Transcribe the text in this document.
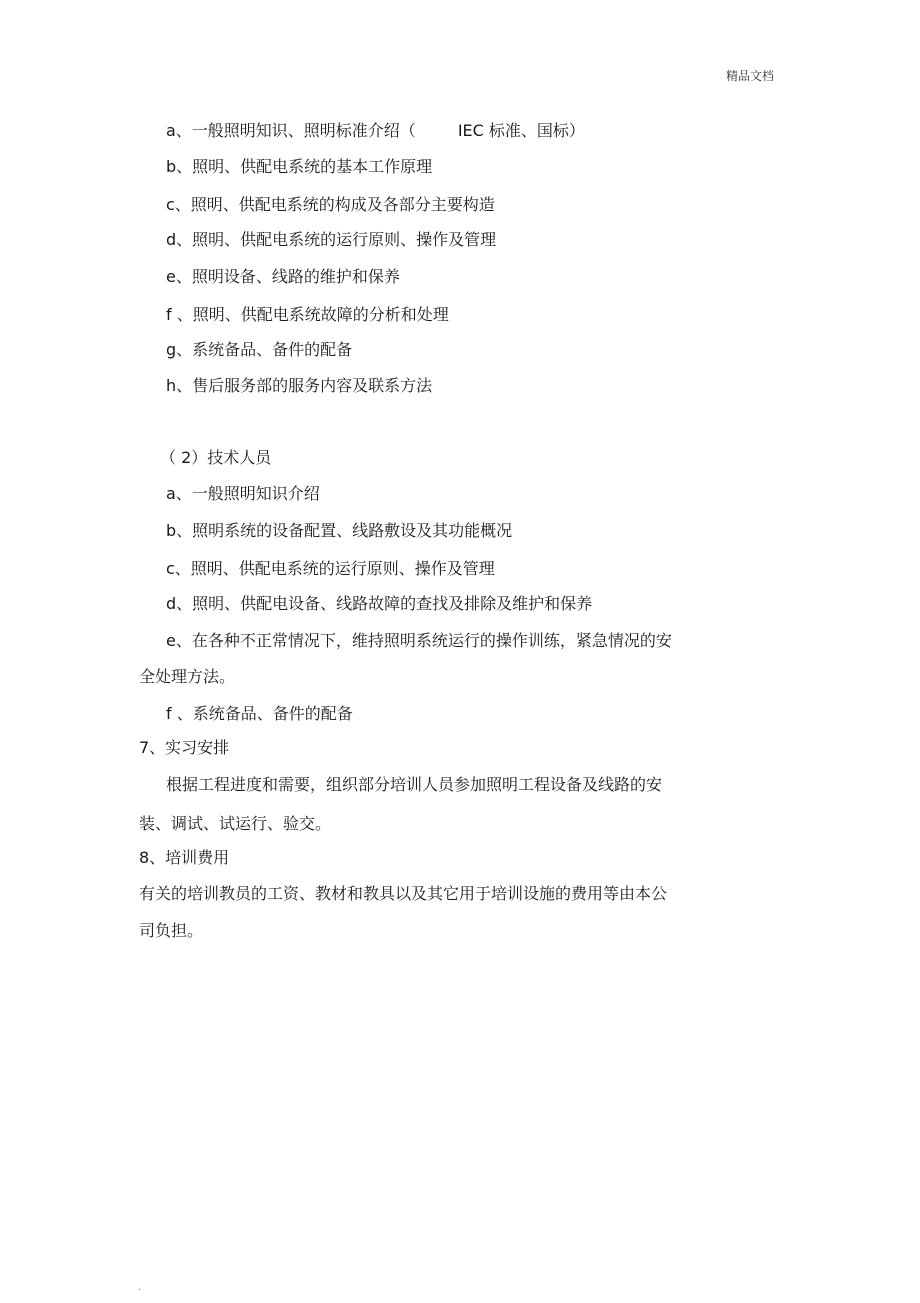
精品文档
a、一般照明知识、照明标准介绍（	IEC 标准、国标）
b、照明、供配电系统的基本工作原理
c、照明、供配电系统的构成及各部分主要构造
d、照明、供配电系统的运行原则、操作及管理
e、照明设备、线路的维护和保养
f 、照明、供配电系统故障的分析和处理
g、系统备品、备件的配备
h、售后服务部的服务内容及联系方法
（ 2）技术人员
a、一般照明知识介绍
b、照明系统的设备配置、线路敷设及其功能概况
c、照明、供配电系统的运行原则、操作及管理
d、照明、供配电设备、线路故障的查找及排除及维护和保养
e、在各种不正常情况下，维持照明系统运行的操作训练，紧急情况的安
全处理方法。
f 、系统备品、备件的配备
7、实习安排
根据工程进度和需要，组织部分培训人员参加照明工程设备及线路的安
装、调试、试运行、验交。
8、培训费用
有关的培训教员的工资、教材和教具以及其它用于培训设施的费用等由本公
司负担。
.
